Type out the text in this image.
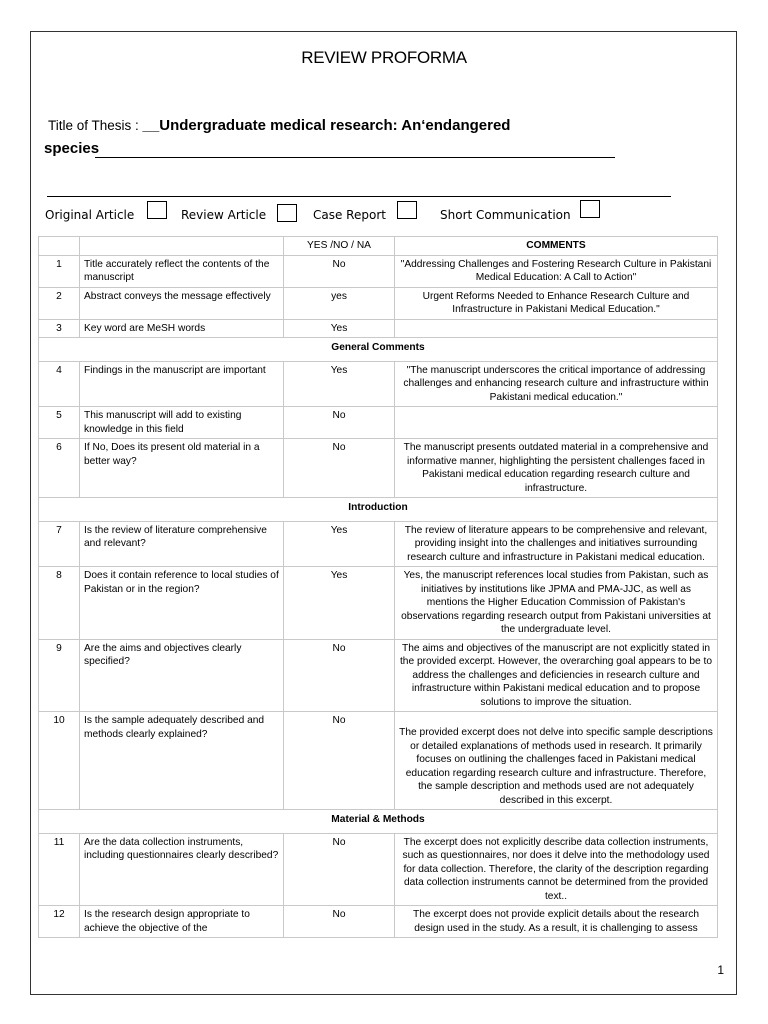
REVIEW PROFORMA
Title of Thesis : __Undergraduate medical research: An‘endangered
species
Original Article	Review Article	Case Report	Short Communication
		YES /NO / NA	COMMENTS
1	Title accurately reflect the contents of the manuscript	No	"Addressing Challenges and Fostering Research Culture in Pakistani Medical Education: A Call to Action"
2	Abstract conveys the message effectively	yes	Urgent Reforms Needed to Enhance Research Culture and Infrastructure in Pakistani Medical Education."
3	Key word are MeSH words	Yes	
General Comments			
4	Findings in the manuscript are important	Yes	"The manuscript underscores the critical importance of addressing challenges and enhancing research culture and infrastructure within Pakistani medical education."
5	This manuscript will add to existing knowledge in this field	No	
6	If No, Does its present old material in a better way?	No	The manuscript presents outdated material in a comprehensive and informative manner, highlighting the persistent challenges faced in Pakistani medical education regarding research culture and infrastructure.
Introduction			
7	Is the review of literature comprehensive and relevant?	Yes	The review of literature appears to be comprehensive and relevant, providing insight into the challenges and initiatives surrounding research culture and infrastructure in Pakistani medical education.
8	Does it contain reference to local studies of Pakistan or in the region?	Yes	Yes, the manuscript references local studies from Pakistan, such as initiatives by institutions like JPMA and PMA-JJC, as well as mentions the Higher Education Commission of Pakistan's observations regarding research output from Pakistani universities at the undergraduate level.
9	Are the aims and objectives clearly specified?	No	The aims and objectives of the manuscript are not explicitly stated in the provided excerpt. However, the overarching goal appears to be to address the challenges and deficiencies in research culture and infrastructure within Pakistani medical education and to propose solutions to improve the situation.
10	Is the sample adequately described and methods clearly explained?	No	The provided excerpt does not delve into specific sample descriptions or detailed explanations of methods used in research. It primarily focuses on outlining the challenges faced in Pakistani medical education regarding research culture and infrastructure. Therefore, the sample description and methods used are not adequately described in this excerpt.
Material & Methods			
11	Are the data collection instruments, including questionnaires clearly described?	No	The excerpt does not explicitly describe data collection instruments, such as questionnaires, nor does it delve into the methodology used for data collection. Therefore, the clarity of the description regarding data collection instruments cannot be determined from the provided text..
12	Is the research design appropriate to achieve the objective of the	No	The excerpt does not provide explicit details about the research design used in the study. As a result, it is challenging to assess
1
